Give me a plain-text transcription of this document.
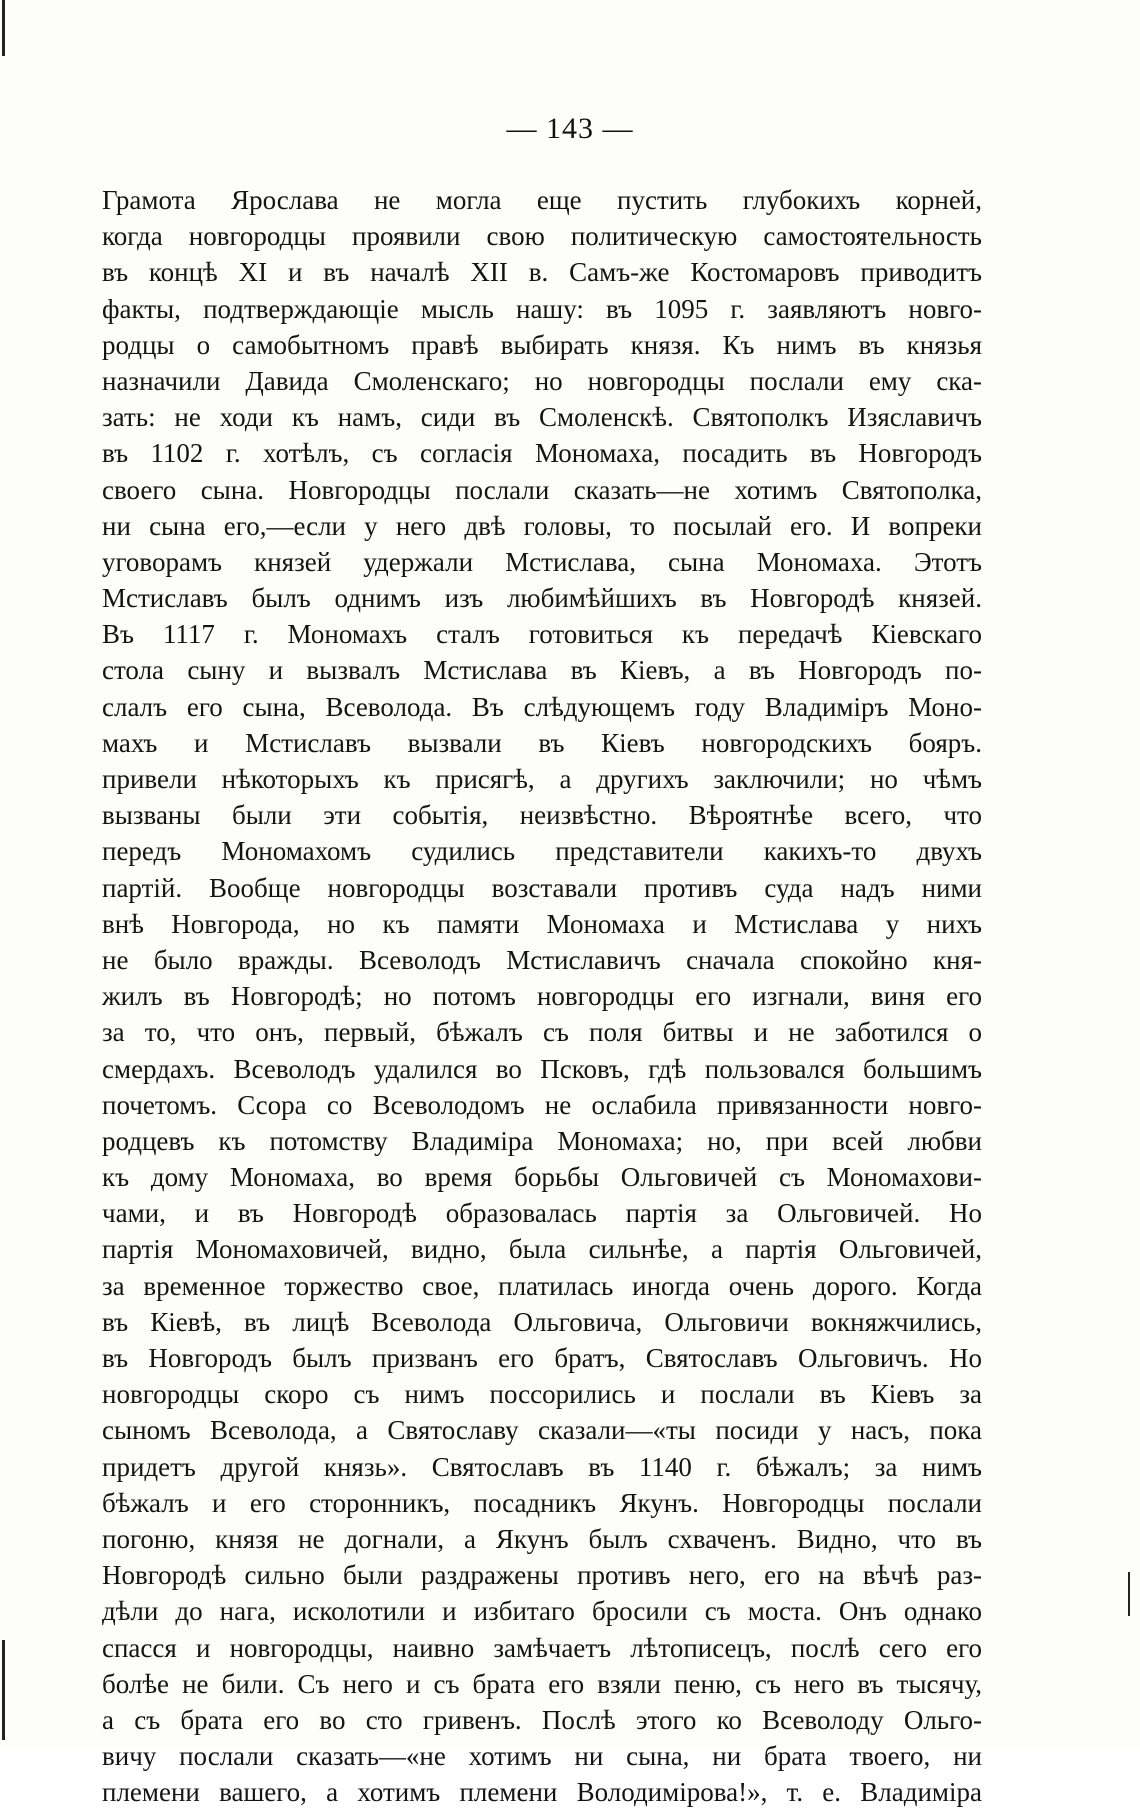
— 143 —
Грамота Ярослава не могла еще пустить глубокихъ корней,
когда новгородцы проявили свою политическую самостоятельность
въ концѣ XI и въ началѣ XII в. Самъ-же Костомаровъ приводитъ
факты, подтверждающіе мысль нашу: въ 1095 г. заявляютъ новго-
родцы о самобытномъ правѣ выбирать князя. Къ нимъ въ князья
назначили Давида Смоленскаго; но новгородцы послали ему ска-
зать: не ходи къ намъ, сиди въ Смоленскѣ. Святополкъ Изяславичъ
въ 1102 г. хотѣлъ, съ согласія Мономаха, посадить въ Новгородъ
своего сына. Новгородцы послали сказать—не хотимъ Святополка,
ни сына его,—если у него двѣ головы, то посылай его. И вопреки
уговорамъ князей удержали Мстислава, сына Мономаха. Этотъ
Мстиславъ былъ однимъ изъ любимѣйшихъ въ Новгородѣ князей.
Въ 1117 г. Мономахъ сталъ готовиться къ передачѣ Кіевскаго
стола сыну и вызвалъ Мстислава въ Кіевъ, а въ Новгородъ по-
слалъ его сына, Всеволода. Въ слѣдующемъ году Владиміръ Моно-
махъ и Мстиславъ вызвали въ Кіевъ новгородскихъ бояръ.
привели нѣкоторыхъ къ присягѣ, а другихъ заключили; но чѣмъ
вызваны были эти событія, неизвѣстно. Вѣроятнѣе всего, что
передъ Мономахомъ судились представители какихъ-то двухъ
партій. Вообще новгородцы возставали противъ суда надъ ними
внѣ Новгорода, но къ памяти Мономаха и Мстислава у нихъ
не было вражды. Всеволодъ Мстиславичъ сначала спокойно кня-
жилъ въ Новгородѣ; но потомъ новгородцы его изгнали, виня его
за то, что онъ, первый, бѣжалъ съ поля битвы и не заботился о
смердахъ. Всеволодъ удалился во Псковъ, гдѣ пользовался большимъ
почетомъ. Ссора со Всеволодомъ не ослабила привязанности новго-
родцевъ къ потомству Владиміра Мономаха; но, при всей любви
къ дому Мономаха, во время борьбы Ольговичей съ Мономахови-
чами, и въ Новгородѣ образовалась партія за Ольговичей. Но
партія Мономаховичей, видно, была сильнѣе, а партія Ольговичей,
за временное торжество свое, платилась иногда очень дорого. Когда
въ Кіевѣ, въ лицѣ Всеволода Ольговича, Ольговичи вокняжчились,
въ Новгородъ былъ призванъ его братъ, Святославъ Ольговичъ. Но
новгородцы скоро съ нимъ поссорились и послали въ Кіевъ за
сыномъ Всеволода, а Святославу сказали—«ты посиди у насъ, пока
придетъ другой князь». Святославъ въ 1140 г. бѣжалъ; за нимъ
бѣжалъ и его сторонникъ, посадникъ Якунъ. Новгородцы послали
погоню, князя не догнали, а Якунъ былъ схваченъ. Видно, что въ
Новгородѣ сильно были раздражены противъ него, его на вѣчѣ раз-
дѣли до нага, исколотили и избитаго бросили съ моста. Онъ однако
спасся и новгородцы, наивно замѣчаетъ лѣтописецъ, послѣ сего его
болѣе не били. Съ него и съ брата его взяли пеню, съ него въ тысячу,
а съ брата его во сто гривенъ. Послѣ этого ко Всеволоду Ольго-
вичу послали сказать—«не хотимъ ни сына, ни брата твоего, ни
племени вашего, а хотимъ племени Володимірова!», т. е. Владиміра
